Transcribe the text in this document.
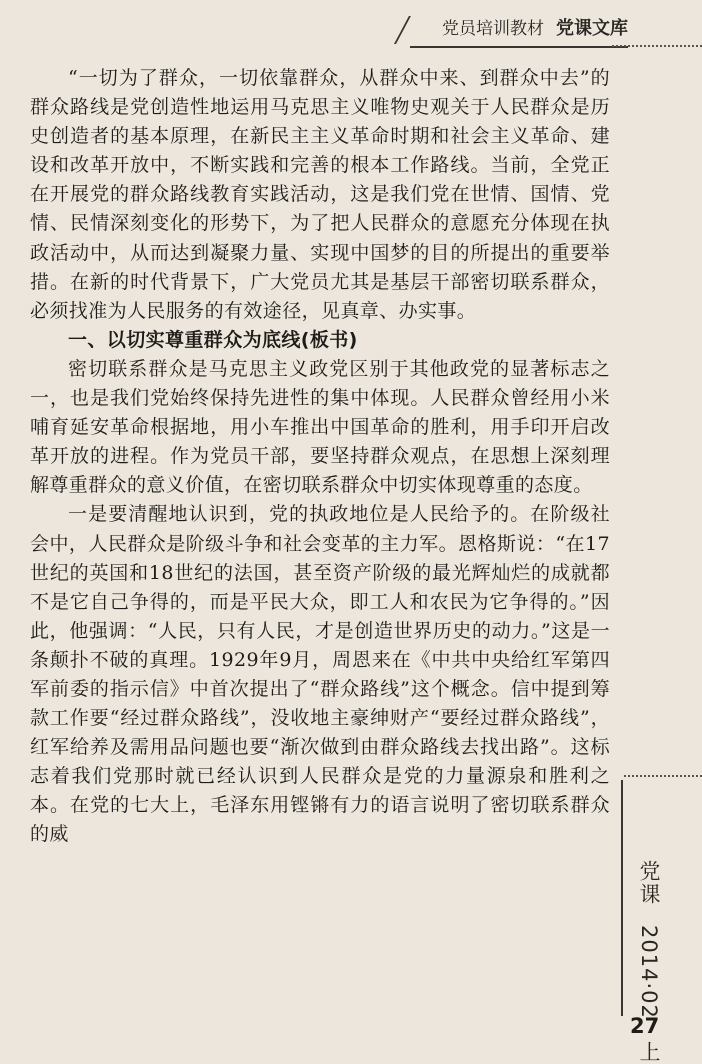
党员培训教材 党课文库

“一切为了群众，一切依靠群众，从群众中来、到群众中去”的群众路线是党创造性地运用马克思主义唯物史观关于人民群众是历史创造者的基本原理，在新民主主义革命时期和社会主义革命、建设和改革开放中，不断实践和完善的根本工作路线。当前，全党正在开展党的群众路线教育实践活动，这是我们党在世情、国情、党情、民情深刻变化的形势下，为了把人民群众的意愿充分体现在执政活动中，从而达到凝聚力量、实现中国梦的目的所提出的重要举措。在新的时代背景下，广大党员尤其是基层干部密切联系群众，必须找准为人民服务的有效途径，见真章、办实事。

一、以切实尊重群众为底线(板书)

密切联系群众是马克思主义政党区别于其他政党的显著标志之一，也是我们党始终保持先进性的集中体现。人民群众曾经用小米哺育延安革命根据地，用小车推出中国革命的胜利，用手印开启改革开放的进程。作为党员干部，要坚持群众观点，在思想上深刻理解尊重群众的意义价值，在密切联系群众中切实体现尊重的态度。

一是要清醒地认识到，党的执政地位是人民给予的。在阶级社会中，人民群众是阶级斗争和社会变革的主力军。恩格斯说：“在17世纪的英国和18世纪的法国，甚至资产阶级的最光辉灿烂的成就都不是它自己争得的，而是平民大众，即工人和农民为它争得的。”因此，他强调：“人民，只有人民，才是创造世界历史的动力。”这是一条颠扑不破的真理。1929年9月，周恩来在《中共中央给红军第四军前委的指示信》中首次提出了“群众路线”这个概念。信中提到筹款工作要“经过群众路线”，没收地主豪绅财产“要经过群众路线”，红军给养及需用品问题也要“渐次做到由群众路线去找出路”。这标志着我们党那时就已经认识到人民群众是党的力量源泉和胜利之本。在党的七大上，毛泽东用铿锵有力的语言说明了密切联系群众的威

党课 2014·02 上
27
